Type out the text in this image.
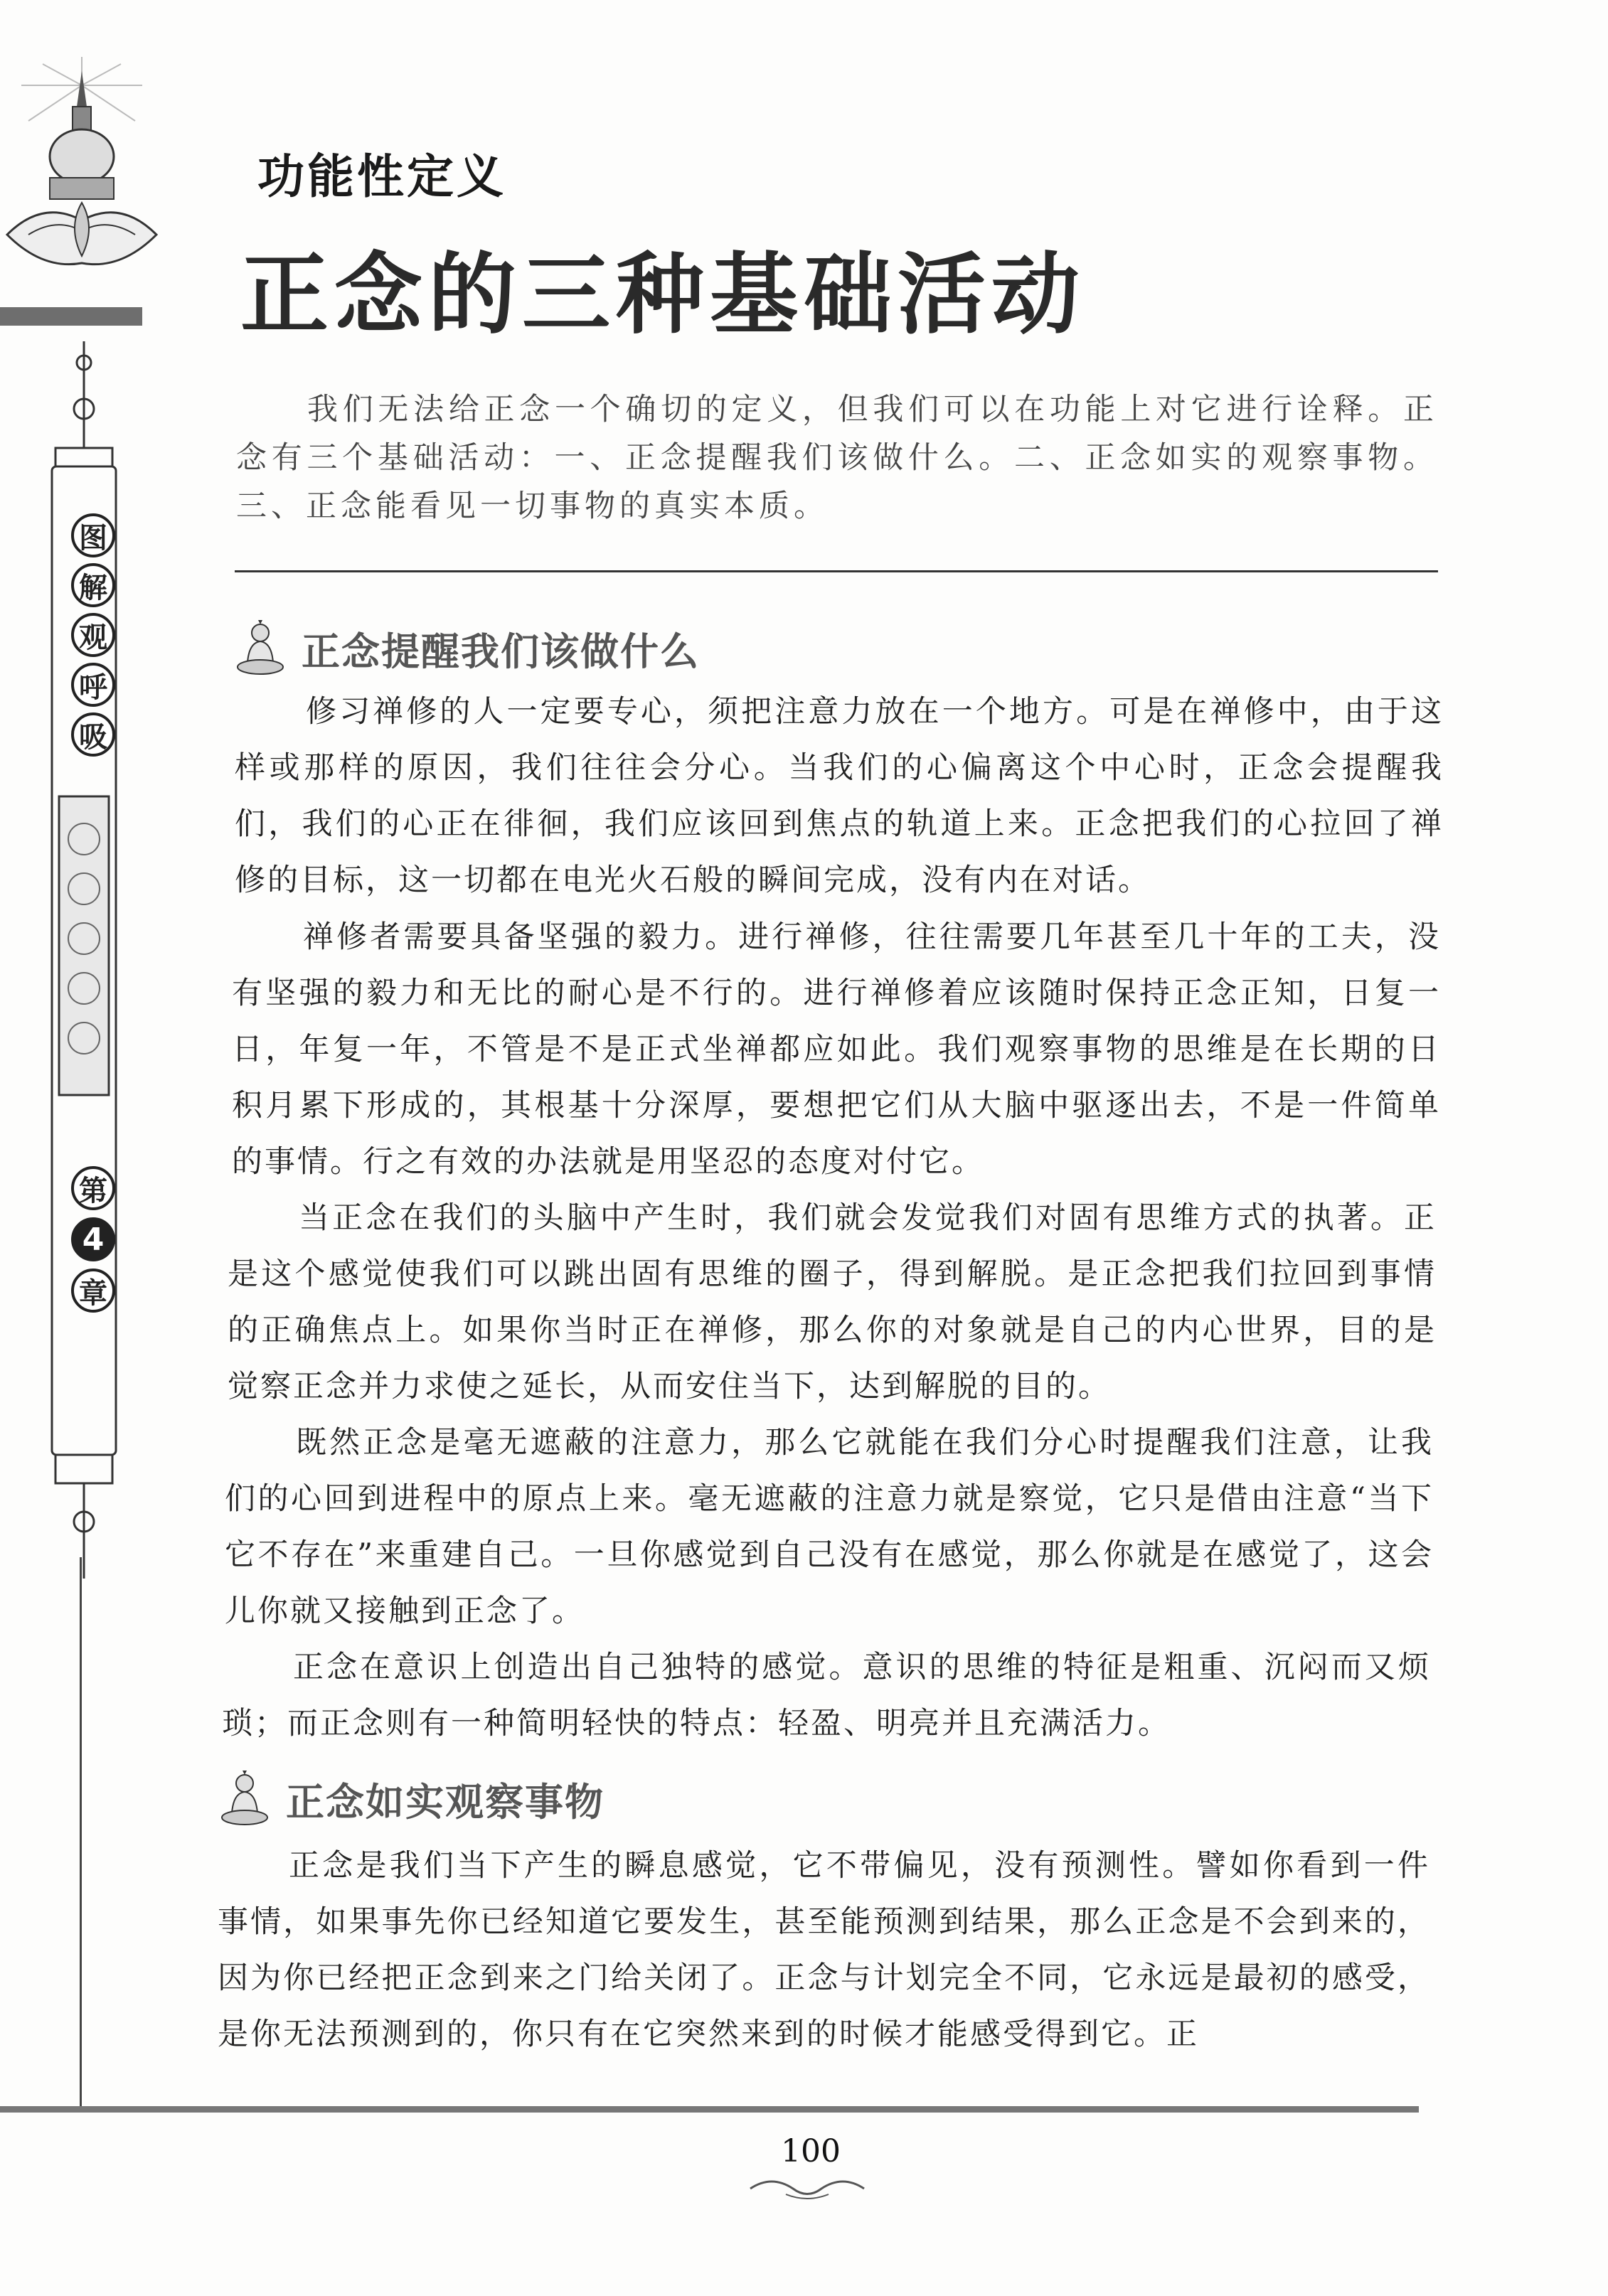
图
解
观
呼
吸
第
4
章
功能性定义
正念的三种基础活动

我们无法给正念一个确切的定义，但我们可以在功能上对它进行诠释。正念有三个基础活动：一、正念提醒我们该做什么。二、正念如实的观察事物。三、正念能看见一切事物的真实本质。

正念提醒我们该做什么

修习禅修的人一定要专心，须把注意力放在一个地方。可是在禅修中，由于这样或那样的原因，我们往往会分心。当我们的心偏离这个中心时，正念会提醒我们，我们的心正在徘徊，我们应该回到焦点的轨道上来。正念把我们的心拉回了禅修的目标，这一切都在电光火石般的瞬间完成，没有内在对话。

禅修者需要具备坚强的毅力。进行禅修，往往需要几年甚至几十年的工夫，没有坚强的毅力和无比的耐心是不行的。进行禅修着应该随时保持正念正知，日复一日，年复一年，不管是不是正式坐禅都应如此。我们观察事物的思维是在长期的日积月累下形成的，其根基十分深厚，要想把它们从大脑中驱逐出去，不是一件简单的事情。行之有效的办法就是用坚忍的态度对付它。

当正念在我们的头脑中产生时，我们就会发觉我们对固有思维方式的执著。正是这个感觉使我们可以跳出固有思维的圈子，得到解脱。是正念把我们拉回到事情的正确焦点上。如果你当时正在禅修，那么你的对象就是自己的内心世界，目的是觉察正念并力求使之延长，从而安住当下，达到解脱的目的。

既然正念是毫无遮蔽的注意力，那么它就能在我们分心时提醒我们注意，让我们的心回到进程中的原点上来。毫无遮蔽的注意力就是察觉，它只是借由注意“当下它不存在”来重建自己。一旦你感觉到自己没有在感觉，那么你就是在感觉了，这会儿你就又接触到正念了。

正念在意识上创造出自己独特的感觉。意识的思维的特征是粗重、沉闷而又烦琐；而正念则有一种简明轻快的特点：轻盈、明亮并且充满活力。

正念如实观察事物

正念是我们当下产生的瞬息感觉，它不带偏见，没有预测性。譬如你看到一件事情，如果事先你已经知道它要发生，甚至能预测到结果，那么正念是不会到来的，因为你已经把正念到来之门给关闭了。正念与计划完全不同，它永远是最初的感受，是你无法预测到的，你只有在它突然来到的时候才能感受得到它。正

100
